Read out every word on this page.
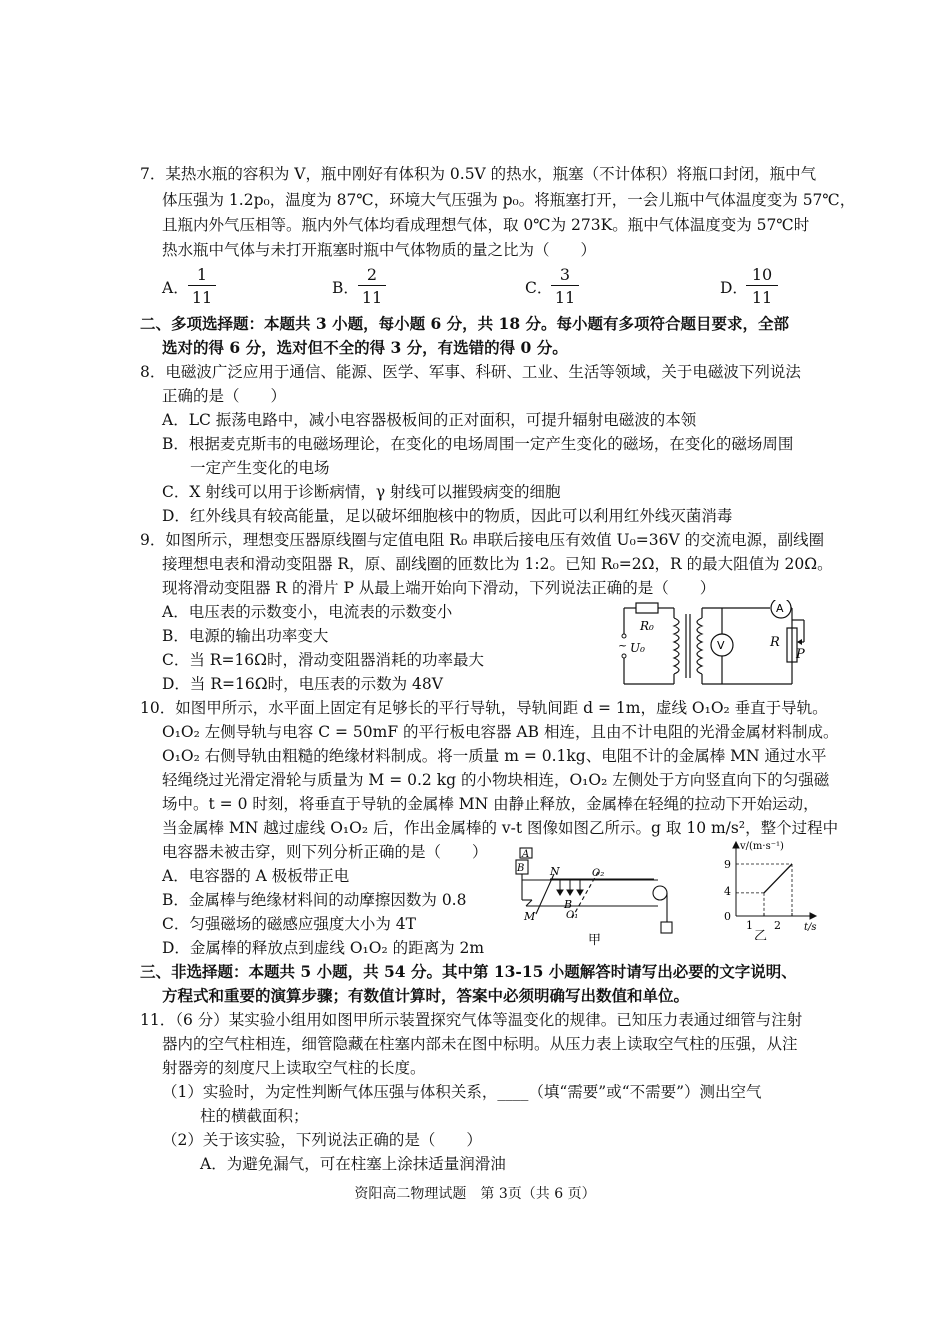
7．某热水瓶的容积为 V，瓶中刚好有体积为 0.5V 的热水，瓶塞（不计体积）将瓶口封闭，瓶中气
体压强为 1.2p₀，温度为 87℃，环境大气压强为 p₀。将瓶塞打开，一会儿瓶中气体温度变为 57℃，
且瓶内外气压相等。瓶内外气体均看成理想气体，取 0℃为 273K。瓶中气体温度变为 57℃时
热水瓶中气体与未打开瓶塞时瓶中气体物质的量之比为（　　）
A． $\frac{1}{11}$	B． $\frac{2}{11}$	C．
$\frac{3}{11}$	D．
$\frac{10}{11}$
二、多项选择题：本题共 3 小题，每小题 6 分，共 18 分。每小题有多项符合题目要求，全部
选对的得 6 分，选对但不全的得 3 分，有选错的得 0 分。
8．电磁波广泛应用于通信、能源、医学、军事、科研、工业、生活等领域，关于电磁波下列说法
正确的是（　　）
A．LC 振荡电路中，减小电容器极板间的正对面积，可提升辐射电磁波的本领
B．根据麦克斯韦的电磁场理论，在变化的电场周围一定产生变化的磁场，在变化的磁场周围
一定产生变化的电场
C．X 射线可以用于诊断病情，γ 射线可以摧毁病变的细胞
D．红外线具有较高能量，足以破坏细胞核中的物质，因此可以利用红外线灭菌消毒
9．如图所示，理想变压器原线圈与定值电阻 R₀ 串联后接电压有效值 U₀=36V 的交流电源，副线圈
接理想电表和滑动变阻器 R，原、副线圈的匝数比为 1:2。已知 R₀=2Ω，R 的最大阻值为 20Ω。
现将滑动变阻器 R 的滑片 P 从最上端开始向下滑动，下列说法正确的是（　　）
A．电压表的示数变小，电流表的示数变小
B．电源的输出功率变大
C．当 R=16Ω时，滑动变阻器消耗的功率最大
D．当 R=16Ω时，电压表的示数为 48V
~
R₀
U₀
A
V	R
P
10．如图甲所示，水平面上固定有足够长的平行导轨，导轨间距 d = 1m，虚线 O₁O₂ 垂直于导轨。
O₁O₂ 左侧导轨与电容 C = 50mF 的平行板电容器 AB 相连，且由不计电阻的光滑金属材料制成。
O₁O₂ 右侧导轨由粗糙的绝缘材料制成。将一质量 m = 0.1kg、电阻不计的金属棒 MN 通过水平
轻绳绕过光滑定滑轮与质量为 M = 0.2 kg 的小物块相连，O₁O₂ 左侧处于方向竖直向下的匀强磁
场中。t = 0 时刻，将垂直于导轨的金属棒 MN 由静止释放，金属棒在轻绳的拉动下开始运动，
当金属棒 MN 越过虚线 O₁O₂ 后，作出金属棒的 v-t 图像如图乙所示。g 取 10 m/s²，整个过程中
电容器未被击穿，则下列分析正确的是（　　）
A．电容器的 A 极板带正电
B．金属棒与绝缘材料间的动摩擦因数为 0.8
C．匀强磁场的磁感应强度大小为 4T
D．金属棒的释放点到虚线 O₁O₂ 的距离为 2m
A
B N
M
B
O₂
O₁
甲
v/(m·s⁻¹)
t/s
9
4
0
1 2
乙
三、非选择题：本题共 5 小题，共 54 分。其中第 13-15 小题解答时请写出必要的文字说明、
方程式和重要的演算步骤；有数值计算时，答案中必须明确写出数值和单位。
11．（6 分）某实验小组用如图甲所示装置探究气体等温变化的规律。已知压力表通过细管与注射
器内的空气柱相连，细管隐藏在柱塞内部未在图中标明。从压力表上读取空气柱的压强，从注
射器旁的刻度尺上读取空气柱的长度。
（1）实验时，为定性判断气体压强与体积关系，____（填“需要”或“不需要”）测出空气
柱的横截面积；
（2）关于该实验，下列说法正确的是（　　）
A．为避免漏气，可在柱塞上涂抹适量润滑油
资阳高二物理试题　第 3页（共 6 页）
